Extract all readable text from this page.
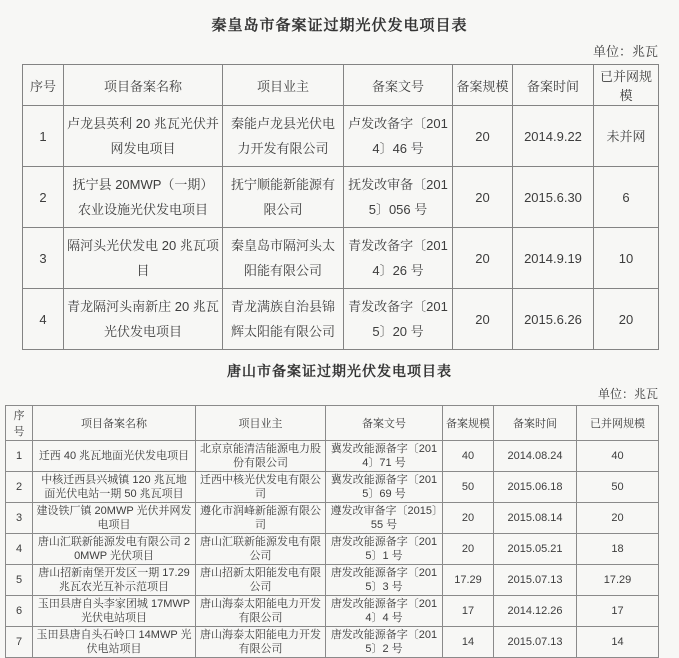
秦皇岛市备案证过期光伏发电项目表
单位：兆瓦
序号	项目备案名称	项目业主	备案文号	备案规模	备案时间	已并网规模
1	卢龙县英利 20 兆瓦光伏并网发电项目	秦能卢龙县光伏电力开发有限公司	卢发改备字〔2014〕46 号	20	2014.9.22	未并网
2	抚宁县 20MWP（一期）农业设施光伏发电项目	抚宁顺能新能源有限公司	抚发改审备〔2015〕056 号	20	2015.6.30	6
3	隔河头光伏发电 20 兆瓦项目	秦皇岛市隔河头太阳能有限公司	青发改备字〔2014〕26 号	20	2014.9.19	10
4	青龙隔河头南新庄 20 兆瓦光伏发电项目	青龙满族自治县锦辉太阳能有限公司	青发改备字〔2015〕20 号	20	2015.6.26	20
唐山市备案证过期光伏发电项目表
单位：兆瓦
序号	项目备案名称	项目业主	备案文号	备案规模	备案时间	已并网规模
1	迁西 40 兆瓦地面光伏发电项目	北京京能清洁能源电力股份有限公司	冀发改能源备字〔2014〕71 号	40	2014.08.24	40
2	中核迁西县兴城镇 120 兆瓦地面光伏电站一期 50 兆瓦项目	迁西中核光伏发电有限公司	冀发改能源备字〔2015〕69 号	50	2015.06.18	50
3	建设铁厂镇 20MWP 光伏并网发电项目	遵化市润峰新能源有限公司	遵发改审备字〔2015〕55 号	20	2015.08.14	20
4	唐山汇联新能源发电有限公司 20MWP 光伏项目	唐山汇联新能源发电有限公司	唐发改能源备字〔2015〕1 号	20	2015.05.21	18
5	唐山招新南堡开发区一期 17.29 兆瓦农光互补示范项目	唐山招新太阳能发电有限公司	唐发改能源备字〔2015〕3 号	17.29	2015.07.13	17.29
6	玉田县唐自头李家团城 17MWP 光伏电站项目	唐山海泰太阳能电力开发有限公司	唐发改能源备字〔2014〕4 号	17	2014.12.26	17
7	玉田县唐自头石岭口 14MWP 光伏电站项目	唐山海泰太阳能电力开发有限公司	唐发改能源备字〔2015〕2 号	14	2015.07.13	14
